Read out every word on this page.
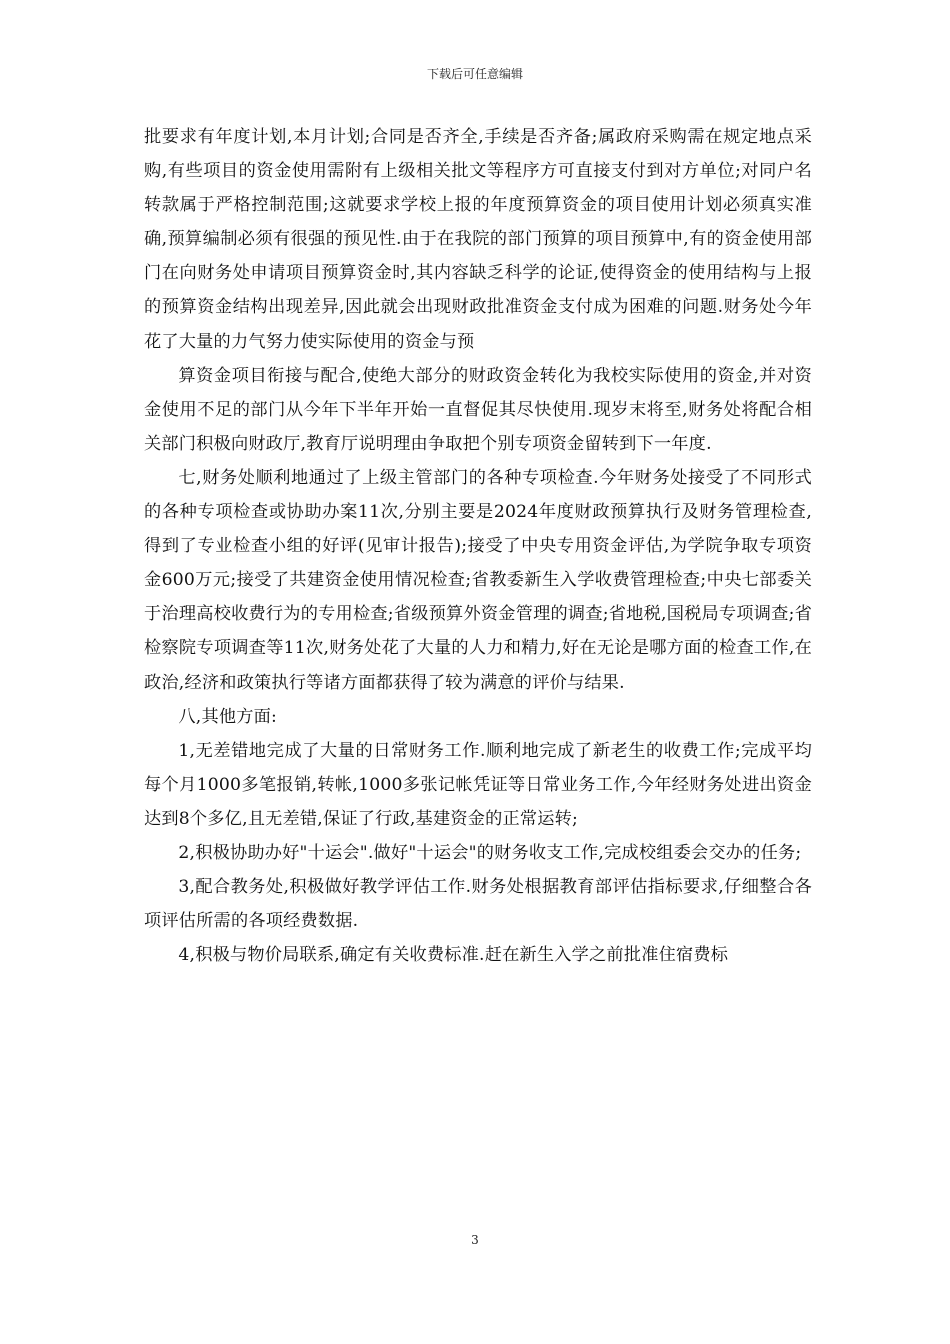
下载后可任意编辑

批要求有年度计划,本月计划;合同是否齐全,手续是否齐备;属政府采购需在规定地点采购,有些项目的资金使用需附有上级相关批文等程序方可直接支付到对方单位;对同户名转款属于严格控制范围;这就要求学校上报的年度预算资金的项目使用计划必须真实准确,预算编制必须有很强的预见性.由于在我院的部门预算的项目预算中,有的资金使用部门在向财务处申请项目预算资金时,其内容缺乏科学的论证,使得资金的使用结构与上报的预算资金结构出现差异,因此就会出现财政批准资金支付成为困难的问题.财务处今年花了大量的力气努力使实际使用的资金与预

算资金项目衔接与配合,使绝大部分的财政资金转化为我校实际使用的资金,并对资金使用不足的部门从今年下半年开始一直督促其尽快使用.现岁末将至,财务处将配合相关部门积极向财政厅,教育厅说明理由争取把个别专项资金留转到下一年度.

七,财务处顺利地通过了上级主管部门的各种专项检查.今年财务处接受了不同形式的各种专项检查或协助办案11次,分别主要是2024年度财政预算执行及财务管理检查,得到了专业检查小组的好评(见审计报告);接受了中央专用资金评估,为学院争取专项资金600万元;接受了共建资金使用情况检查;省教委新生入学收费管理检查;中央七部委关于治理高校收费行为的专用检查;省级预算外资金管理的调查;省地税,国税局专项调查;省检察院专项调查等11次,财务处花了大量的人力和精力,好在无论是哪方面的检查工作,在政治,经济和政策执行等诸方面都获得了较为满意的评价与结果.

八,其他方面:

1,无差错地完成了大量的日常财务工作.顺利地完成了新老生的收费工作;完成平均每个月1000多笔报销,转帐,1000多张记帐凭证等日常业务工作,今年经财务处进出资金达到8个多亿,且无差错,保证了行政,基建资金的正常运转;

2,积极协助办好"十运会".做好"十运会"的财务收支工作,完成校组委会交办的任务;

3,配合教务处,积极做好教学评估工作.财务处根据教育部评估指标要求,仔细整合各项评估所需的各项经费数据.

4,积极与物价局联系,确定有关收费标准.赶在新生入学之前批准住宿费标

3
